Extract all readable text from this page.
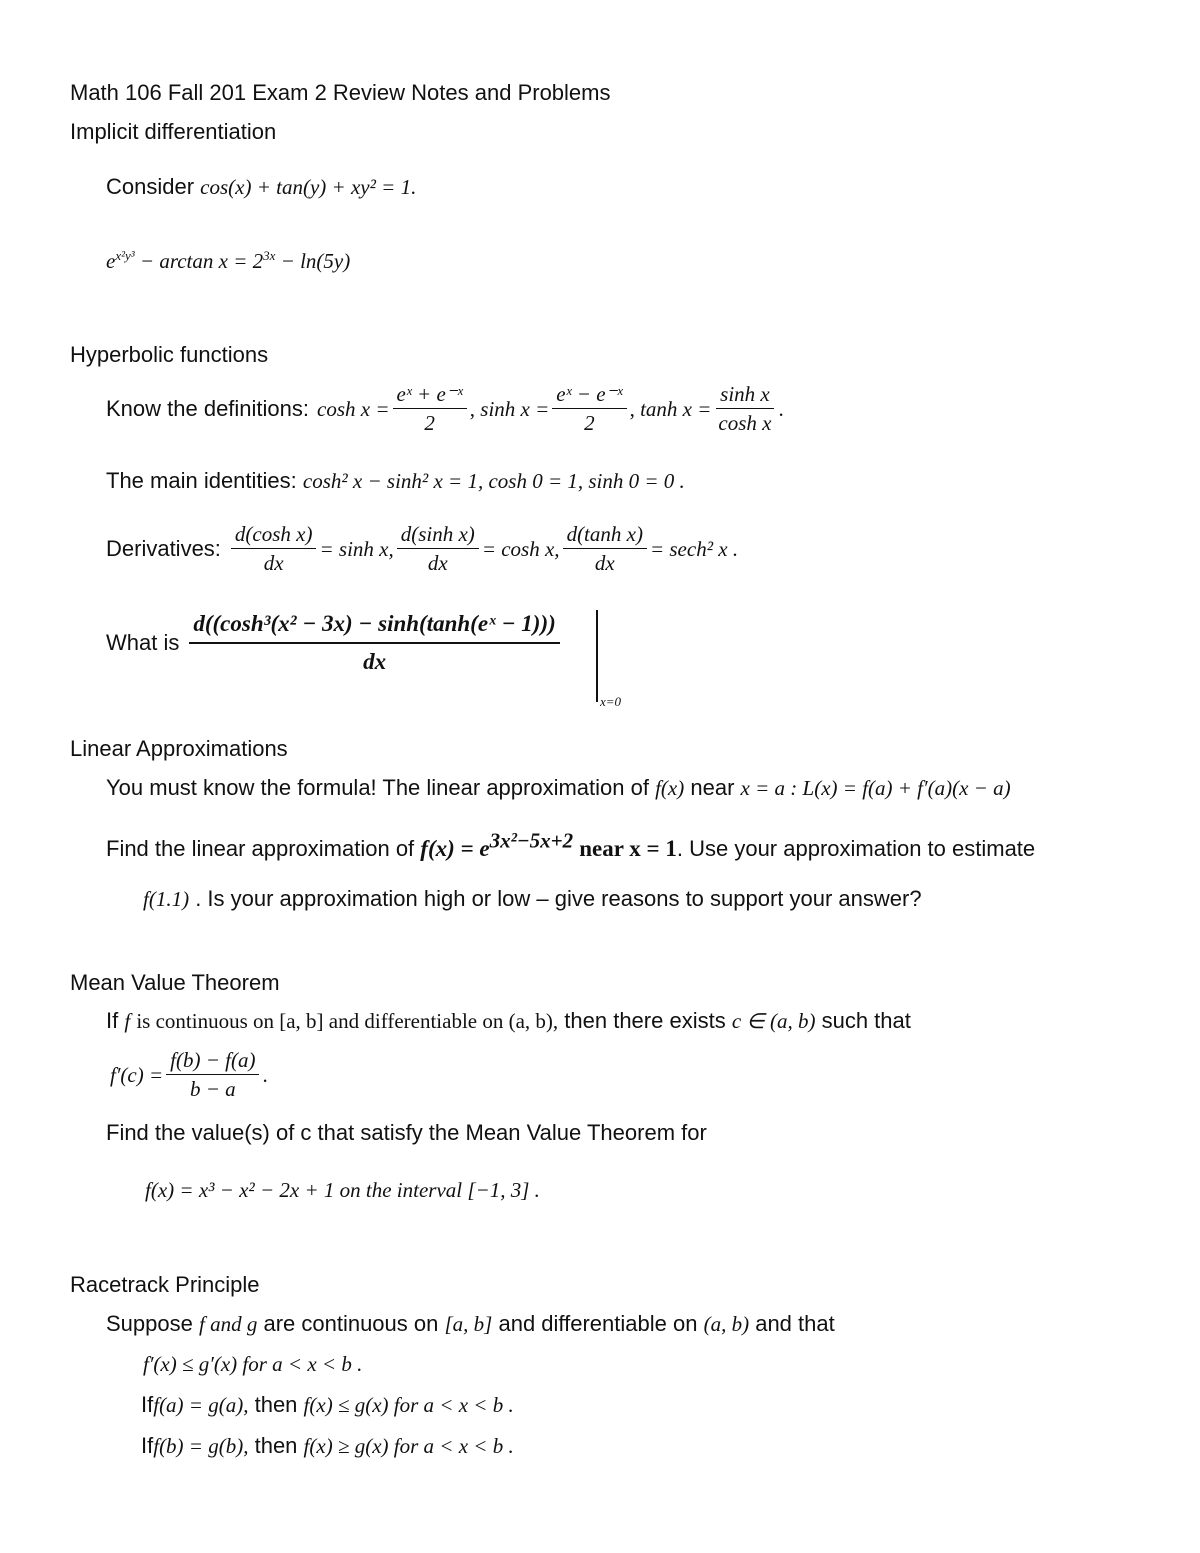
Math 106 Fall 201 Exam 2 Review Notes and Problems
Implicit differentiation
Consider cos(x) + tan(y) + xy² = 1.
$e^{x^2y^3} - \arctan x = 2^{3x} - \ln(5y)$
Hyperbolic functions
Know the definitions: $\cosh x = \frac{\text{eˣ + e⁻ˣ}}{2}$ , $\sinh x = \frac{\text{eˣ − e⁻ˣ}}{2}$ , $\tanh x = \frac{\text{sinh x}}{\text{cosh x}}$ .
The main identities: cosh² x − sinh² x = 1, cosh 0 = 1, sinh 0 = 0 .
Derivatives: $\frac{\text{d(cosh x)}}{dx} = \sinh x$, $\frac{\text{d(sinh x)}}{dx} = \cosh x$, $\frac{\text{d(tanh x)}}{dx} = \sec h^2$ x .
What is $\frac{\text{d((cosh³(x² − 3x) − sinh(tanh(eˣ − 1)))}}{dx}$
x=0
Linear Approximations
You must know the formula! The linear approximation of f(x) near x = a : L(x) = f(a) + f′(a)(x − a)
Find the linear approximation of $f(x) = e^{3x^2-5x+2}$ near x = 1. Use your approximation to estimate
f(1.1) . Is your approximation high or low – give reasons to support your answer?
Mean Value Theorem
If f is continuous on [a, b] and differentiable on (a, b), then there exists c ∈ (a, b) such that
$f'(c) = \frac{f(b) - f(a)}{b - a}$ .
Find the value(s) of c that satisfy the Mean Value Theorem for
f(x) = x³ − x² − 2x + 1 on the interval [−1, 3] .
Racetrack Principle
Suppose f and g are continuous on [a, b] and differentiable on (a, b) and that
f′(x) ≤ g′(x) for a < x < b .
Iff(a) = g(a), then f(x) ≤ g(x) for a < x < b .
Iff(b) = g(b), then f(x) ≥ g(x) for a < x < b .
